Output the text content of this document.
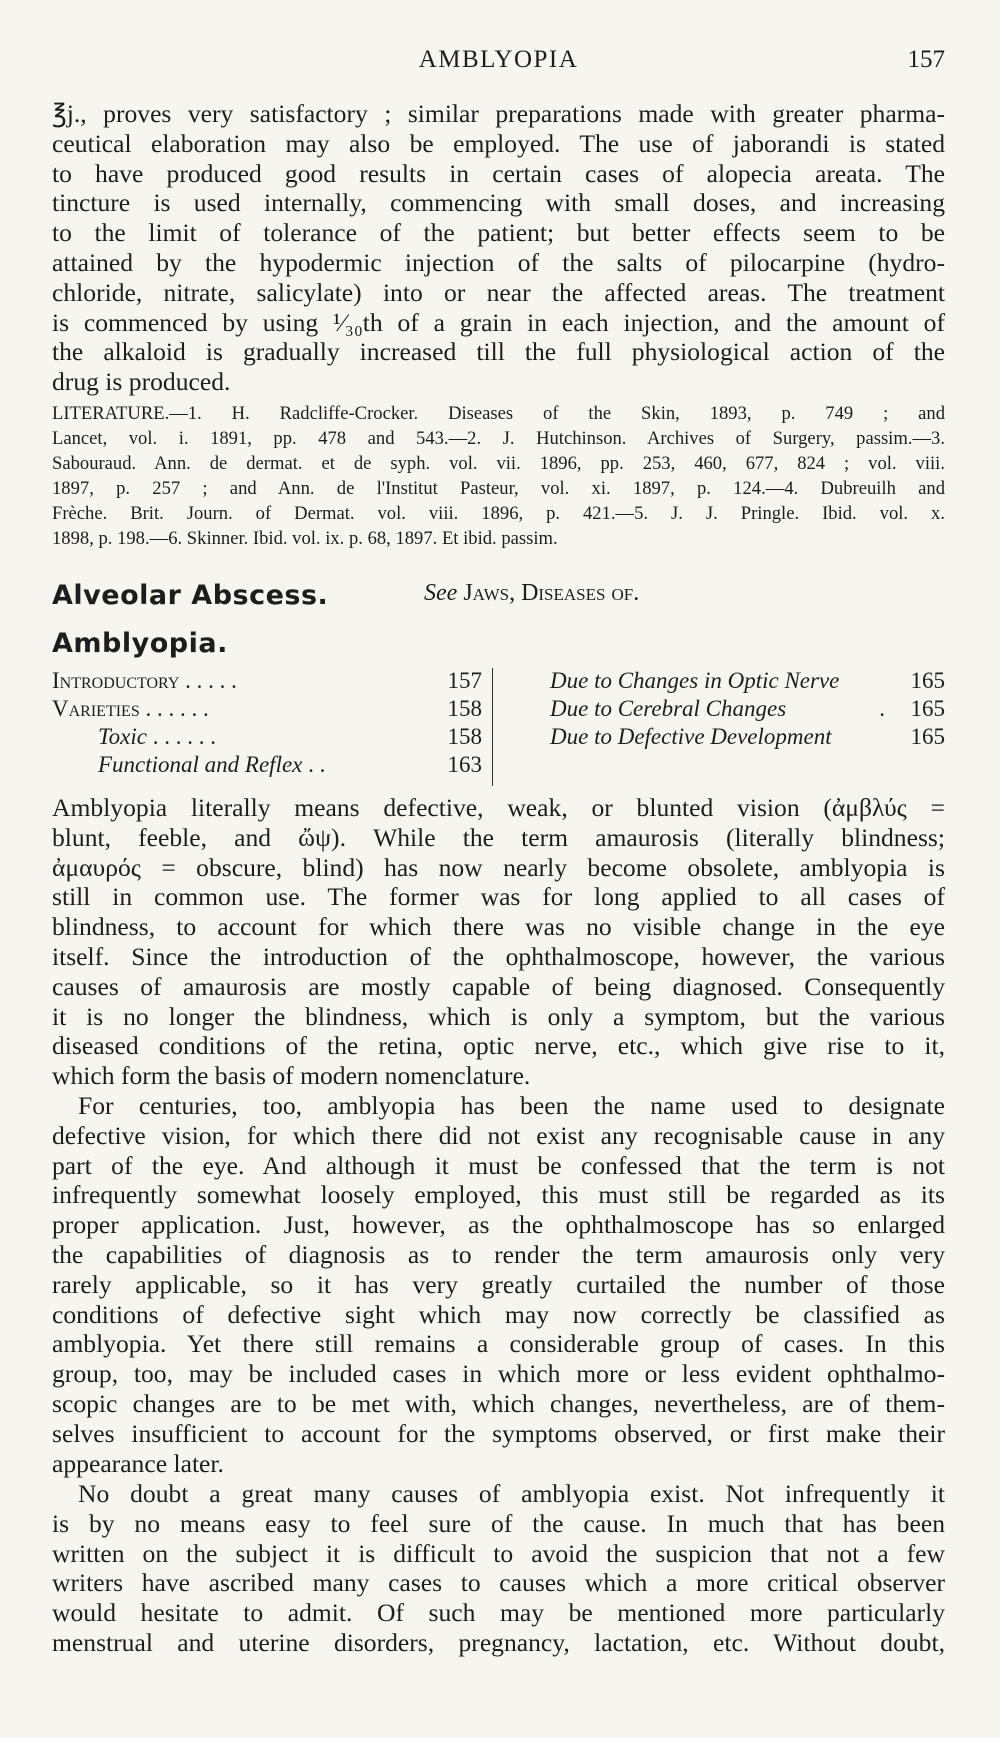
AMBLYOPIA	157
℥j., proves very satisfactory ; similar preparations made with greater pharma-
ceutical elaboration may also be employed. The use of jaborandi is stated
to have produced good results in certain cases of alopecia areata. The
tincture is used internally, commencing with small doses, and increasing
to the limit of tolerance of the patient; but better effects seem to be
attained by the hypodermic injection of the salts of pilocarpine (hydro-
chloride, nitrate, salicylate) into or near the affected areas. The treatment
is commenced by using ¹⁄₃₀th of a grain in each injection, and the amount of
the alkaloid is gradually increased till the full physiological action of the
drug is produced.
LITERATURE.—1. H. Radcliffe-Crocker. Diseases of the Skin, 1893, p. 749 ; and
Lancet, vol. i. 1891, pp. 478 and 543.—2. J. Hutchinson. Archives of Surgery, passim.—3.
Sabouraud. Ann. de dermat. et de syph. vol. vii. 1896, pp. 253, 460, 677, 824 ; vol. viii.
1897, p. 257 ; and Ann. de l'Institut Pasteur, vol. xi. 1897, p. 124.—4. Dubreuilh and
Frèche. Brit. Journ. of Dermat. vol. viii. 1896, p. 421.—5. J. J. Pringle. Ibid. vol. x.
1898, p. 198.—6. Skinner. Ibid. vol. ix. p. 68, 1897. Et ibid. passim.
Alveolar Abscess.	See Jaws, Diseases of.
Amblyopia.
Introductory . . . . .	157
Varieties . . . . . .	158
Toxic . . . . . .	158
Functional and Reflex . .	163
Due to Changes in Optic Nerve	165
Due to Cerebral Changes	. 165
Due to Defective Development	165
Amblyopia literally means defective, weak, or blunted vision (ἀμβλύς =
blunt, feeble, and ὤψ). While the term amaurosis (literally blindness;
ἀμαυρός = obscure, blind) has now nearly become obsolete, amblyopia is
still in common use. The former was for long applied to all cases of
blindness, to account for which there was no visible change in the eye
itself. Since the introduction of the ophthalmoscope, however, the various
causes of amaurosis are mostly capable of being diagnosed. Consequently
it is no longer the blindness, which is only a symptom, but the various
diseased conditions of the retina, optic nerve, etc., which give rise to it,
which form the basis of modern nomenclature.
For centuries, too, amblyopia has been the name used to designate
defective vision, for which there did not exist any recognisable cause in any
part of the eye. And although it must be confessed that the term is not
infrequently somewhat loosely employed, this must still be regarded as its
proper application. Just, however, as the ophthalmoscope has so enlarged
the capabilities of diagnosis as to render the term amaurosis only very
rarely applicable, so it has very greatly curtailed the number of those
conditions of defective sight which may now correctly be classified as
amblyopia. Yet there still remains a considerable group of cases. In this
group, too, may be included cases in which more or less evident ophthalmo-
scopic changes are to be met with, which changes, nevertheless, are of them-
selves insufficient to account for the symptoms observed, or first make their
appearance later.
No doubt a great many causes of amblyopia exist. Not infrequently it
is by no means easy to feel sure of the cause. In much that has been
written on the subject it is difficult to avoid the suspicion that not a few
writers have ascribed many cases to causes which a more critical observer
would hesitate to admit. Of such may be mentioned more particularly
menstrual and uterine disorders, pregnancy, lactation, etc. Without doubt,
